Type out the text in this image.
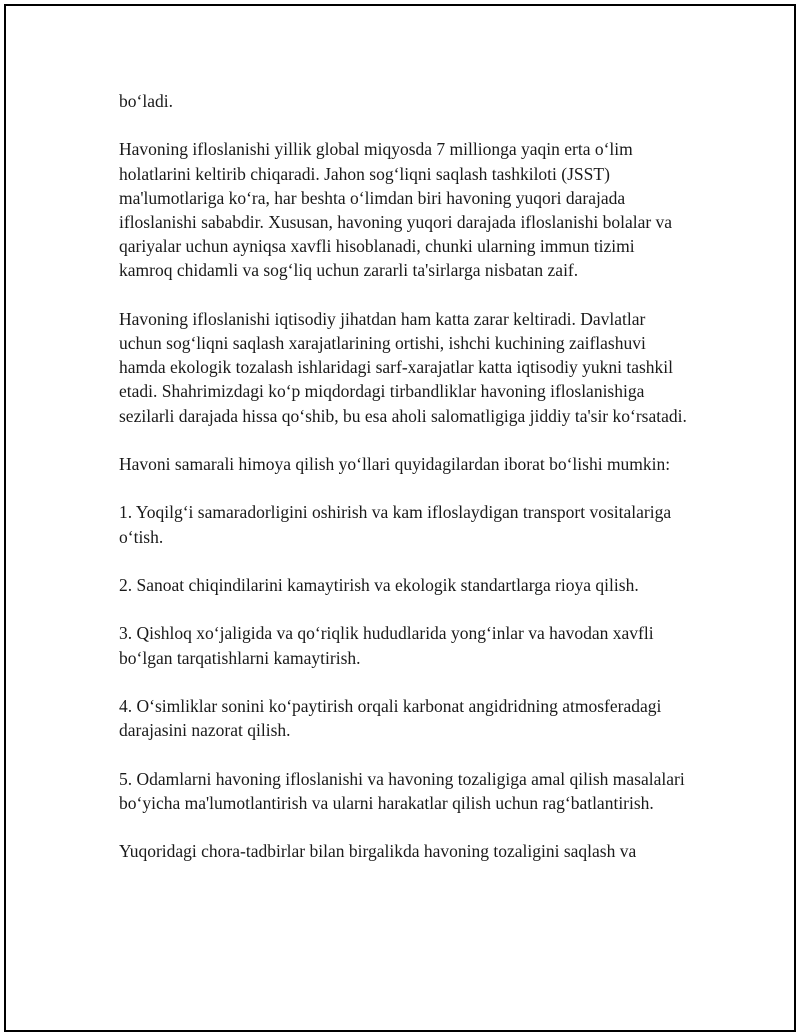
bo‘ladi.

Havoning ifloslanishi yillik global miqyosda 7 millionga yaqin erta o‘lim holatlarini keltirib chiqaradi. Jahon sog‘liqni saqlash tashkiloti (JSST) ma'lumotlariga ko‘ra, har beshta o‘limdan biri havoning yuqori darajada ifloslanishi sababdir. Xususan, havoning yuqori darajada ifloslanishi bolalar va qariyalar uchun ayniqsa xavfli hisoblanadi, chunki ularning immun tizimi kamroq chidamli va sog‘liq uchun zararli ta'sirlarga nisbatan zaif.

Havoning ifloslanishi iqtisodiy jihatdan ham katta zarar keltiradi. Davlatlar uchun sog‘liqni saqlash xarajatlarining ortishi, ishchi kuchining zaiflashuvi hamda ekologik tozalash ishlaridagi sarf-xarajatlar katta iqtisodiy yukni tashkil etadi. Shahrimizdagi ko‘p miqdordagi tirbandliklar havoning ifloslanishiga sezilarli darajada hissa qo‘shib, bu esa aholi salomatligiga jiddiy ta'sir ko‘rsatadi.

Havoni samarali himoya qilish yo‘llari quyidagilardan iborat bo‘lishi mumkin:

1. Yoqilg‘i samaradorligini oshirish va kam ifloslaydigan transport vositalariga o‘tish.

2. Sanoat chiqindilarini kamaytirish va ekologik standartlarga rioya qilish.

3. Qishloq xo‘jaligida va qo‘riqlik hududlarida yong‘inlar va havodan xavfli bo‘lgan tarqatishlarni kamaytirish.

4. O‘simliklar sonini ko‘paytirish orqali karbonat angidridning atmosferadagi darajasini nazorat qilish.

5. Odamlarni havoning ifloslanishi va havoning tozaligiga amal qilish masalalari bo‘yicha ma'lumotlantirish va ularni harakatlar qilish uchun rag‘batlantirish.

Yuqoridagi chora-tadbirlar bilan birgalikda havoning tozaligini saqlash va
